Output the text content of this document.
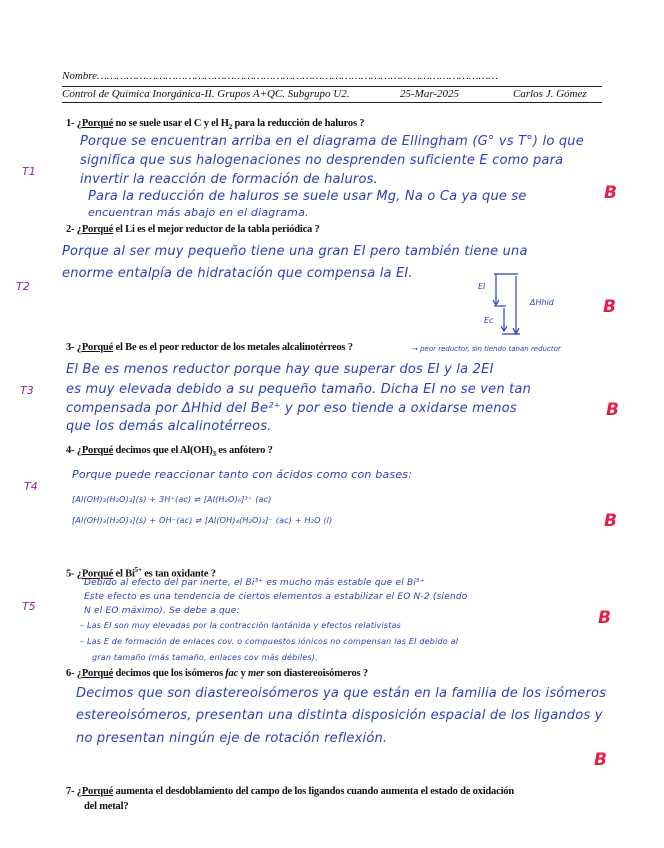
Nombre……………………………………………………………………………………………………………
Control de Química Inorgánica-II. Grupos A+QC. Subgrupo U2.	25-Mar-2025	Carlos J. Gómez
T1
T2
T3
T4
T5
B
B
B
B
B
B
1- ¿Porqué no se suele usar el C y el $H_2$ para la reducción de haluros ?
Porque se encuentran arriba en el diagrama de Ellingham (G° vs T°) lo que
significa que sus halogenaciones no desprenden suficiente E como para
invertir la reacción de formación de haluros.
Para la reducción de haluros se suele usar Mg, Na o Ca ya que se
encuentran más abajo en el diagrama.
2- ¿Porqué el Li es el mejor reductor de la tabla periódica ?
Porque al ser muy pequeño tiene una gran EI pero también tiene una
enorme entalpía de hidratación que compensa la EI.
EI
ΔHhid
Ec
3- ¿Porqué el Be es el peor reductor de los metales alcalinotérreos ?	→ peor reductor, sin tiendo tanan reductor
El Be es menos reductor porque hay que superar dos EI y la 2EI
es muy elevada debido a su pequeño tamaño. Dicha EI no se ven tan
compensada por ΔHhid del Be²⁺ y por eso tiende a oxidarse menos
que los demás alcalinotérreos.
4- ¿Porqué decimos que el $Al(OH)_3$ es anfótero ?
Porque puede reaccionar tanto con ácidos como con bases:
[Al(OH)₃(H₂O)₃](s) + 3H⁺(ac) ⇌ [Al(H₂O)₆]³⁺ (ac)
[Al(OH)₃(H₂O)₃](s) + OH⁻(ac) ⇌ [Al(OH)₄(H₂O)₂]⁻ (ac) + H₂O (l)
5- ¿Porqué el $Bi^{5+}$ es tan oxidante ?
Debido al efecto del par inerte, el Bi³⁺ es mucho más estable que el Bi⁵⁺
Este efecto es una tendencia de ciertos elementos a estabilizar el EO N-2 (siendo
N el EO máximo). Se debe a que:
– Las EI son muy elevadas por la contracción lantánida y efectos relativistas
– Las E de formación de enlaces cov. o compuestos iónicos no compensan las EI debido al
gran tamaño (más tamaño, enlaces cov más débiles).
6- ¿Porqué decimos que los isómeros fac y mer son diastereoisómeros ?
Decimos que son diastereoisómeros ya que están en la familia de los isómeros
estereoisómeros, presentan una distinta disposición espacial de los ligandos y
no presentan ningún eje de rotación reflexión.
7- ¿Porqué aumenta el desdoblamiento del campo de los ligandos cuando aumenta el estado de oxidación
del metal?
